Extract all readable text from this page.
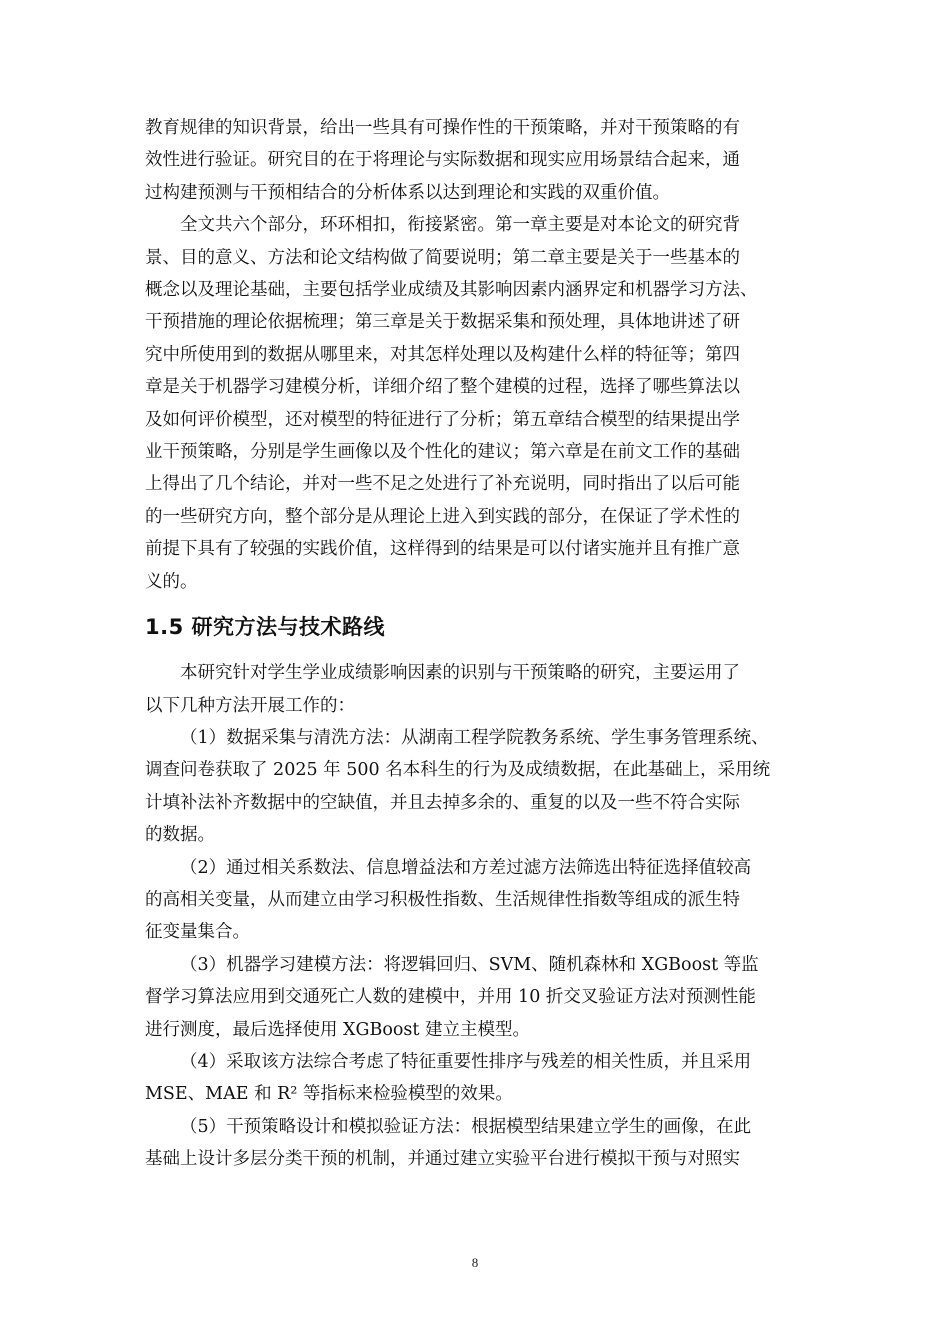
教育规律的知识背景，给出一些具有可操作性的干预策略，并对干预策略的有
效性进行验证。研究目的在于将理论与实际数据和现实应用场景结合起来，通
过构建预测与干预相结合的分析体系以达到理论和实践的双重价值。

全文共六个部分，环环相扣，衔接紧密。第一章主要是对本论文的研究背
景、目的意义、方法和论文结构做了简要说明；第二章主要是关于一些基本的
概念以及理论基础，主要包括学业成绩及其影响因素内涵界定和机器学习方法、
干预措施的理论依据梳理；第三章是关于数据采集和预处理，具体地讲述了研
究中所使用到的数据从哪里来，对其怎样处理以及构建什么样的特征等；第四
章是关于机器学习建模分析，详细介绍了整个建模的过程，选择了哪些算法以
及如何评价模型，还对模型的特征进行了分析；第五章结合模型的结果提出学
业干预策略，分别是学生画像以及个性化的建议；第六章是在前文工作的基础
上得出了几个结论，并对一些不足之处进行了补充说明，同时指出了以后可能
的一些研究方向，整个部分是从理论上进入到实践的部分，在保证了学术性的
前提下具有了较强的实践价值，这样得到的结果是可以付诸实施并且有推广意
义的。

1.5 研究方法与技术路线

本研究针对学生学业成绩影响因素的识别与干预策略的研究，主要运用了
以下几种方法开展工作的：

（1）数据采集与清洗方法：从湖南工程学院教务系统、学生事务管理系统、
调查问卷获取了 2025 年 500 名本科生的行为及成绩数据，在此基础上，采用统
计填补法补齐数据中的空缺值，并且去掉多余的、重复的以及一些不符合实际
的数据。

（2）通过相关系数法、信息增益法和方差过滤方法筛选出特征选择值较高
的高相关变量，从而建立由学习积极性指数、生活规律性指数等组成的派生特
征变量集合。

（3）机器学习建模方法：将逻辑回归、SVM、随机森林和 XGBoost 等监
督学习算法应用到交通死亡人数的建模中，并用 10 折交叉验证方法对预测性能
进行测度，最后选择使用 XGBoost 建立主模型。

（4）采取该方法综合考虑了特征重要性排序与残差的相关性质，并且采用
MSE、MAE 和 R² 等指标来检验模型的效果。

（5）干预策略设计和模拟验证方法：根据模型结果建立学生的画像，在此
基础上设计多层分类干预的机制，并通过建立实验平台进行模拟干预与对照实

8
